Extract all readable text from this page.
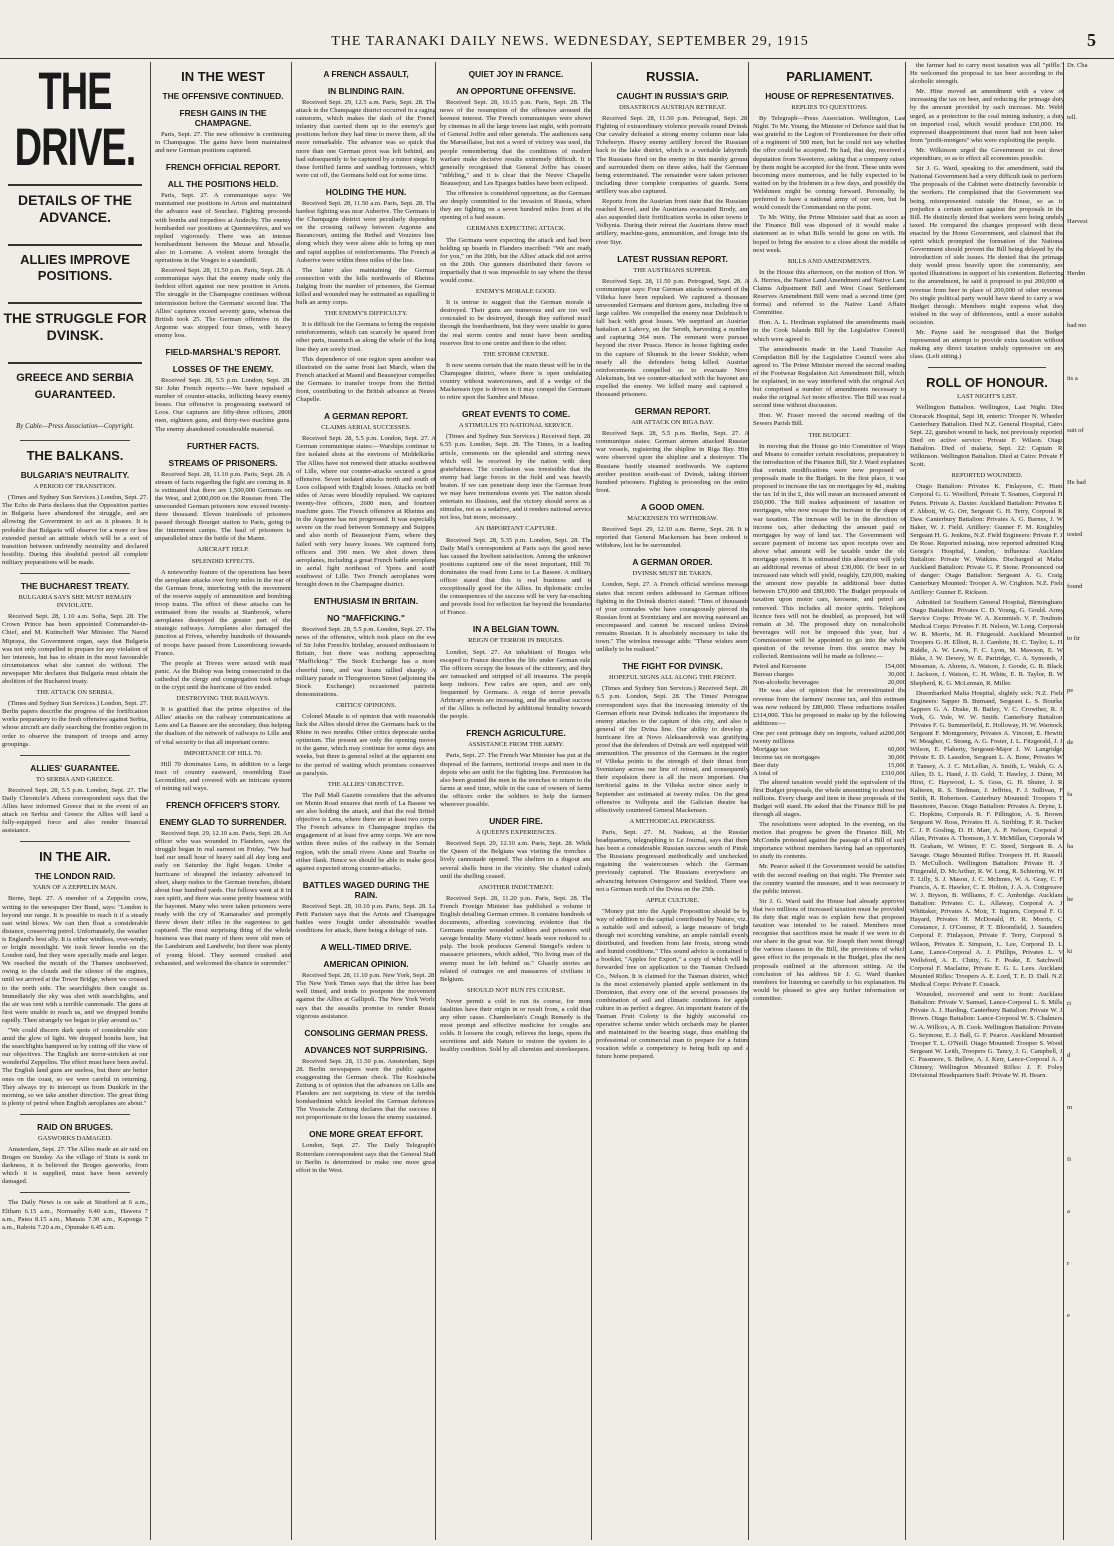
THE TARANAKI DAILY NEWS. WEDNESDAY, SEPTEMBER 29, 1915	5
THE DRIVE.
DETAILS OF THE ADVANCE.
ALLIES IMPROVE POSITIONS.
THE STRUGGLE FOR DVINSK.
GREECE AND SERBIA GUARANTEED.
By Cable—Press Association—Copyright.
THE BALKANS.
BULGARIA'S NEUTRALITY.
A PERIOD OF TRANSITION.

(Times and Sydney Sun Services.) London, Sept. 27. The Echo de Paris declares that the Opposition parties in Bulgaria have abandoned the struggle, and are allowing the Government to act as it pleases. It is probable that Bulgaria will observe for a more or less extended period an attitude which will be a sort of transition between unfriendly neutrality and declared hostility. During this doubtful period all complete military preparations will be made.

THE BUCHAREST TREATY.
BULGARIA SAYS SHE MUST REMAIN INVIOLATE.

Received Sept. 28, 1.10 a.m. Sofia, Sept. 28. The Crown Prince has been appointed Commander-in-Chief, and M. Kutincheff War Minister. The Narod Mipraya, the Government organ, says that Bulgaria was not only compelled to prepare for any violation of her interests, but has to obtain in the most favourable circumstances what she cannot do without. The newspaper Mir declares that Bulgaria must obtain the abolition of the Bucharest treaty.

THE ATTACK ON SERBIA.

(Times and Sydney Sun Services.) London, Sept. 27. Berlin papers describe the progress of the fortification works preparatory to the fresh offensive against Serbia, whose aircraft are daily searching the frontier region in order to observe the transport of troops and army groupings.

ALLIES' GUARANTEE.
TO SERBIA AND GREECE.

Received Sept. 28, 5.5 p.m. London, Sept. 27. The Daily Chronicle's Athens correspondent says that the Allies have informed Greece that in the event of an attack on Serbia and Greece the Allies will land a fully-equipped force and also render financial assistance.

IN THE AIR.
THE LONDON RAID.
YARN OF A ZEPPELIN MAN.

Berne, Sept. 27. A member of a Zeppelin crew, writing to the newspaper Der Bund, says: "London is beyond our range. It is possible to reach it if a steady east wind blows. We can then float a considerable distance, conserving petrol. Unfortunately, the weather is England's best ally. It is either windless, over-windy, or bright moonlight. We took fewer bombs on the London raid, but they were specially made and larger. We reached the mouth of the Thames unobserved, owing to the clouds and the silence of the engines, until we arrived at the Tower Bridge, where we crossed to the north side. The searchlights then caught us. Immediately the sky was shot with searchlights, and the air was rent with a terrible cannonade. The guns at first were unable to reach us, and we dropped bombs rapidly. Then strangely we began to play around us."

"We could discern dark spots of considerable size amid the glow of light. We dropped bombs here, but the searchlights hampered us by cutting off the view of our objectives. The English are terror-stricken at our wonderful Zeppelins. The effect must have been awful. The English land guns are useless, but there are better ones on the coast, so we were careful in returning. They always try to intercept us from Dunkirk in the morning, so we take another direction. The great thing is plenty of petrol when English aeroplanes are about."

RAID ON BRUGES.
GASWORKS DAMAGED.

Amsterdam, Sept. 27. The Allies made an air raid on Bruges on Sunday. As the village of Stuis is sunk in darkness, it is believed the Bruges gasworks, from which it is supplied, must have been severely damaged.

The Daily News is on sale at Stratford at 6 a.m., Eltham 6.15 a.m., Normanby 6.40 a.m., Hawera 7 a.m., Patea 8.15 a.m., Manaia 7.30 a.m., Kaponga 7 a.m., Rahotu 7.20 a.m., Opunake 6.45 a.m.

IN THE WEST
THE OFFENSIVE CONTINUED.
FRESH GAINS IN THE CHAMPAGNE.

Paris, Sept. 27. The new offensive is continuing in Champagne. The gains have been maintained and new German positions captured.

FRENCH OFFICIAL REPORT.
ALL THE POSITIONS HELD.

Paris, Sept. 27. A communique says: We maintained our positions in Artois and maintained the advance east of Souchez. Fighting proceeds with bombs and torpedoes at Andechy. The enemy bombarded our positions at Quennevières, and we replied vigorously. There was an intense bombardment between the Meuse and Moselle, also in Lorraine. A violent storm brought the operations in the Vosges to a standstill.

Received Sept. 28, 11.50 p.m. Paris, Sept. 28. A communique says that the enemy made only the feeblest effort against our new position in Artois. The struggle in the Champagne continues without intermission before the Germans' second line. The Allies' captures exceed seventy guns, whereas the British took 25. The German offensive in the Argonne was stopped four times, with heavy enemy loss.

FIELD-MARSHAL'S REPORT.
LOSSES OF THE ENEMY.

Received Sept. 28, 5.5 p.m. London, Sept. 28. Sir John French reports:—We have repulsed a number of counter-attacks, inflicting heavy enemy losses. Our offensive is progressing eastward of Loos. Our captures are fifty-three officers, 2800 men, eighteen guns, and thirty-two machine guns. The enemy abandoned considerable material.

FURTHER FACTS.
STREAMS OF PRISONERS.

Received Sept. 28, 11.10 p.m. Paris, Sept. 28. A stream of facts regarding the fight are coming in. It is estimated that there are 1,500,000 Germans on the West, and 2,000,000 on the Russian front. The unwounded German prisoners now exceed twenty-three thousand. Eleven trainloads of prisoners passed through Bourget station to Paris, going to the internment camps. The haul of prisoners is unparalleled since the battle of the Marne.

AIRCRAFT HELP.
SPLENDID EFFECTS.

A noteworthy feature of the operations has been the aeroplane attacks over forty miles in the rear of the German front, interfering with the movement of the reserve supply of ammunition and bombing troop trains. The effect of these attacks can be estimated from the results at Stanbrook, where aeroplanes destroyed the greater part of the strategic railways. Aeroplanes also damaged the junction at Frives, whereby hundreds of thousands of troops have passed from Luxembourg towards France.

The people at Treves were seized with mad panic. As the Bishop was being consecrated in the cathedral the clergy and congregation took refuge in the crypt until the hurricane of fire ended.

DESTROYING THE RAILWAYS.

It is gratified that the prime objective of the Allies' attacks on the railway communications at Lens and La Bassee are the secondary, thus helping the dualism of the network of railways to Lille and of vital security to that all important centre.

IMPORTANCE OF HILL 70.

Hill 70 dominates Lens, in addition to a large tract of country eastward, resembling Essé Leconnliire, and covered with an intricate system of mining rail ways.

FRENCH OFFICER'S STORY.
ENEMY GLAD TO SURRENDER.

Received Sept. 29, 12.10 a.m. Paris, Sept. 28. An officer who was wounded in Flanders, says the struggle began in real earnest on Friday. "We had had our small hour of heavy said all day long and early on Saturday the fight began. Under a hurricane of shrapnel the infantry advanced in short, sharp rushes to the German trenches, distant about four hundred yards. Our fellows went at it in rare spirit, and there was some pretty business with the bayonet. Many who were taken prisoners were ready with the cry of 'Kamarades' and promptly threw down their rifles in the eagerness to get captured. The most surprising thing of the whole business was that many of them were old men of the Landstrum and Landwehr, but there was plenty of young blood. They seemed crushed and exhausted, and welcomed the chance to surrender."

A FRENCH ASSAULT,
IN BLINDING RAIN.

Received Sept. 29, 12.5 a.m. Paris, Sept. 28. The attack in the Champagne district occurred in a raging rainstorm, which makes the dash of the French infantry that carried them up to the enemy's gun positions before they had time to move them, all the more remarkable. The advance was so quick that more than one German pivot was left behind, and had subsequently to be captured by a minor siege. In these fortified farms and sandbag fortresses, which were cut off, the Germans held out for some time.

HOLDING THE HUN.

Received Sept. 28, 11.50 a.m. Paris, Sept. 28. The hardest fighting was near Auberive. The Germans in the Champagne district were peculiarly dependent on the crossing railway between Argonne and Bazancourt, uniting the Rethel and Vouziers line, along which they were alone able to bring up men and rapid supplies of reinforcements. The French at Auberive were within three miles of the line.

The latter also maintaining the German connection with the hills northwards of Rheims. Judging from the number of prisoners, the German killed and wounded may be estimated as equalling in bulk an army corps.

THE ENEMY'S DIFFICULTY.

It is difficult for the Germans to bring the requisite reinforcements, which can scarcely be spared from other parts, inasmuch as along the whole of the long line they are sorely tried.

This dependence of one region upon another was illustrated on the same front last March, when the French attacked at Masnil and Beausejour compelled the Germans to transfer troops from the British front, contributing to the British advance at Neuve Chapelle.

A GERMAN REPORT.
CLAIMS AERIAL SUCCESSES.

Received Sept. 28, 5.5 p.m. London, Sept. 27. A German communique states:—Warships continue to fire isolated shots at the environs of Middelkirke. The Allies have not renewed their attacks southwest of Lille, where our counter-attacks secured a great offensive. Seven isolated attacks north and south of Loos collapsed with English losses. Attacks on both sides of Arras were bloodily repulsed. We captured twenty-five officers, 2600 men, and fourteen machine guns. The French offensive at Rheims and in the Argonne has not progressed. It was especially severe on the road between Sommepy and Suippes, and also north of Beausejour Farm, where they failed with very heavy losses. We captured forty officers and 390 men. We shot down three aeroplanes, including a great French battle aeroplane in aerial fight northeast of Ypres and south southwest of Lille. Two French aeroplanes were brought down in the Champagne district.

ENTHUSIASM IN BRITAIN.
NO "MAFFICKING."

Received Sept. 28, 5.5 p.m. London, Sept. 27. The news of the offensive, which took place on the eve of Sir John French's birthday, aroused enthusiasm in Britain, but there was nothing approaching "Mafficking." The Stock Exchange has a more cheerful tone, and war loans rallied sharply. A military parade in Throgmorton Street (adjoining the Stock Exchange) occasioned patriotic demonstrations.

CRITICS' OPINIONS.

Colonel Maude is of opinion that with reasonable luck the Allies should drive the Germans back to the Rhine in two months. Other critics deprecate undue optimism. The present are only the opening moves in the game, which may continue for some days and weeks, but there is general relief at the apparent end to the period of waiting which promises conserved as paralysis.

THE ALLIES' OBJECTIVE.

The Pall Mall Gazette considers that the advance on Menin Road ensures that north of La Bassee we are also holding the attack, and that the real British objective is Lens, where there are at least two corps. The French advance in Champagne implies the engagement of at least five army corps. We are now within three miles of the railway in the Somain region, with the small rivers Aisne and Tourbe on either flank. Hence we should be able to make good against expected strong counter-attacks.

BATTLES WAGED DURING THE RAIN.

Received Sept. 28, 10.10 p.m. Paris, Sept. 28. Le Petit Parisien says that the Artois and Champagne battles were fought under abominable weather conditions for attack, there being a deluge of rain.

A WELL-TIMED DRIVE.
AMERICAN OPINION.

Received Sept. 28, 11.10 p.m. New York, Sept. 28. The New York Times says that the drive has been well timed, and tends to postpone the movement against the Allies at Gallipoli. The New York World says that the assaults promise to render Russia vigorous assistance.

CONSOLING GERMAN PRESS.
ADVANCES NOT SURPRISING.

Received Sept. 28, 11.50 p.m. Amsterdam, Sept. 28. Berlin newspapers warn the public against exaggerating the German check. The Koelnische Zeitung is of opinion that the advances on Lille and Flanders are not surprising in view of the terrible bombardment which leveled the German defences. The Vossische Zeitung declares that the success is not proportionate to the losses the enemy sustained.

ONE MORE GREAT EFFORT.

London, Sept. 27. The Daily Telegraph's Rotterdam correspondent says that the General Staff in Berlin is determined to make one more great effort in the West.

QUIET JOY IN FRANCE.
AN OPPORTUNE OFFENSIVE.

Received Sept. 28, 10.15 p.m. Paris, Sept. 28. The news of the resumption of the offensive aroused the keenest interest. The French communiques were shown by cinemas in all the large towns last night, with portraits of General Joffre and other generals. The audiences sang the Marseillaise, but not a word of victory was used, the people remembering that the conditions of modern warfare make decisive results extremely difficult. It is generally recognised that General Joffre has ceased "nibbling," and it is clear that the Neuve Chapelle, Beausejour, and Les Eparges battles have been eclipsed.

The offensive is considered opportune, as the Germans are deeply committed to the invasion of Russia, where they are fighting on a seven hundred miles front at the opening of a bad season.

GERMANS EXPECTING ATTACK.

The Germans were expecting the attack and had been holding up boards in Flanders inscribed: "We are ready for you," on the 20th, but the Allies' attack did not arrive on the 20th. Our gunners distributed their favors so impartially that it was impossible to say where the thrust would come.

ENEMY'S MORALE GOOD.

It is untrue to suggest that the German morale is destroyed. Their guns are numerous and are too well concealed to be destroyed, though they suffered much through the bombardment, but they were unable to guess the real storm centre and must have been sending reserves first to one centre and then to the other.

THE STORM CENTRE.

It now seems certain that the main thrust will be in the Champagne district, where there is open undulating country without watercourses, and if a wedge of the Mackensen type is driven in it may compel the Germans to retire upon the Sambre and Meuse.

GREAT EVENTS TO COME.
A STIMULUS TO NATIONAL SERVICE.

(Times and Sydney Sun Services.) Received Sept. 28, 6.55 p.m. London, Sept. 28. The Times, in a leading article, comments on the splendid and stirring news, which will be received by the nation with deep gratefulness. The conclusion was irresistible that the enemy had large forces in the field and was heavily beaten. If we can penetrate deep into the German front we may have tremendous events yet. The nation should entertain no illusions, and the victory should serve as a stimulus, not as a sedative, and it renders national service not less, but more, necessary.

AN IMPORTANT CAPTURE.

Received Sept. 28, 5.35 p.m. London, Sept. 28. The Daily Mail's correspondent at Paris says the good news has caused the liveliest satisfaction. Among the unknown positions captured one of the most important, Hill 70, dominates the road from Lens to La Bassee. A military officer stated that this is real business and is exceptionally good for the Allies. In diplomatic circles the consequences of the success will be very far-reaching and provide food for reflection far beyond the boundaries of France.

IN A BELGIAN TOWN.
REIGN OF TERROR IN BRUGES.

London, Sept. 27. An inhabitant of Bruges who escaped to France describes the life under German rule. The officers occupy the houses of the citizenry, and they are ransacked and stripped of all treasures. The people keep indoors. Few cafes are open, and are only frequented by Germans. A reign of terror prevails. Arbitrary arrests are increasing, and the smallest success of the Allies is reflected by additional brutality towards the people.

FRENCH AGRICULTURE.
ASSISTANCE FROM THE ARMY.

Paris, Sept. 27. The French War Minister has put at the disposal of the farmers, territorial troops and men in the depots who are unfit for the fighting line. Permission has also been granted the men in the trenches to return to the farms at seed time, while in the case of owners of farms the officers order the soldiers to help the farmers wherever possible.

UNDER FIRE.
A QUEEN'S EXPERIENCES.

Received Sept. 29, 12.10 a.m. Paris, Sept. 28. While the Queen of the Belgians was visiting the trenches a lively cannonade opened. The shelters in a dugout and several shells burst in the vicinity. She chatted calmly until the shelling ceased.

ANOTHER INDICTMENT.

Received Sept. 28, 11.20 p.m. Paris, Sept. 28. The French Foreign Minister has published a volume in English detailing German crimes. It contains hundreds of documents, affording convincing evidence that the Germans murder wounded soldiers and prisoners with savage brutality. Many victims' heads were reduced to a pulp. The book produces General Stengel's orders to massacre prisoners, which added, "No living man of the enemy must be left behind us." Ghastly stories are related of outrages on and massacres of civilians in Belgium.

SHOULD NOT RUN ITS COURSE.

Never permit a cold to run its course, for more fatalities have their origin in or result from, a cold than any other cause. Chamberlain's Cough Remedy is the most prompt and effective medicine for coughs and colds. It loosens the cough, relieves the lungs, opens the secretions and aids Nature to restore the system to a healthy condition. Sold by all chemists and storekeepers.

RUSSIA.
CAUGHT IN RUSSIA'S GRIP.
DISASTROUS AUSTRIAN RETREAT.

Received Sept. 28, 11.50 p.m. Petrograd, Sept. 28. Fighting of extraordinary violence prevails round Dvinsk. Our cavalry defeated a strong enemy column near lake Tcheboryn. Heavy enemy artillery forced the Russians back to the lake district, which is a veritable labyrinth. The Russians fired on the enemy in this marshy ground and surrounded them on three sides, half the Germans being exterminated. The remainder were taken prisoner, including three complete companies of guards. Some artillery was also captured.

Reports from the Austrian front state that the Russians reached Kovel, and the Austrians evacuated Brody, and also suspended their fortification works in other towns in Volhynia. During their retreat the Austrians threw much artillery, machine-guns, ammunition, and forage into the river Styr.

LATEST RUSSIAN REPORT.
THE AUSTRIANS SUPPER.

Received Sept. 28, 11.50 p.m. Petrograd, Sept. 28. A communique says: Four German attacks westward of the Vilieka have been repulsed. We captured a thousand unwounded Germans and thirteen guns, including five of large calibre. We compelled the enemy near Dolzhtsch to fall back with great losses. We surprised an Austrian battalion at Lahovy, on the Sereth, harvesting a number and capturing 364 men. The remnant were pursued beyond the river Prusca. Hence in house fighting ended in the capture of Shumsk in the lower Stokhir, where nearly all the defenders being killed. Austrian reinforcements compelled us to evacuate Novo Aleksinats, but we counter-attacked with the bayonet and expelled the enemy. We killed many and captured a thousand prisoners.

GERMAN REPORT.
AIR ATTACK ON RIGA BAY.

Received Sept. 28, 5.5 p.m. Berlin, Sept. 27. A communique states: German airmen attacked Russian war vessels, registering the shipline in Riga Bay. Hits were observed upon the shipline and a destroyer. The Russians hastily steamed northwards. We captured another position south-east of Dvinsk, taking thirteen hundred prisoners. Fighting is proceeding on the entire front.

A GOOD OMEN.
MACKENSEN TO WITHDRAW.

Received Sept. 29, 12.10 a.m. Berne, Sept. 28. It is reported that General Mackensen has been ordered to withdraw, lest he be surrounded.

A GERMAN ORDER.
DVINSK MUST BE TAKEN.

London, Sept. 27. A French official wireless message states that recent orders addressed to German officers fighting in the Dvinsk district stated: "Tens of thousands of your comrades who have courageously pierced the Russian front at Sventziany and are moving eastward are encompassed and cannot be rescued unless Dvinsk remains Russian. It is absolutely necessary to take the town." The wireless message adds: "These wishes seem unlikely to be realised."

THE FIGHT FOR DVINSK.
HOPEFUL SIGNS ALL ALONG THE FRONT.

(Times and Sydney Sun Services.) Received Sept. 28, 6.5 p.m. London, Sept. 28. The Times' Petrograd correspondent says that the increasing intensity of the German efforts near Dvinsk indicates the importance the enemy attaches to the capture of this city, and also to general of the Dvina line. Our ability to develop a hurricane fire at Novo Aleksandrovsk was gratifying proof that the defenders of Dvinsk are well equipped with ammunition. The presence of the Germans in the region of Vilieka points to the strength of their thrust from Sventziany across our line of retreat, and consequently their expulsion there is all the more important. Our territorial gains in the Vilieka sector since early in September are estimated at twenty miles. On the great offensive in Volhynia and the Galician theatre has effectively countered General Mackensen.

A METHODICAL PROGRESS.

Paris, Sept. 27. M. Nadeau, at the Russian headquarters, telegraphing to Le Journal, says that there has been a considerable Russian success south of Pinsk. The Russians progressed methodically and unchecked, regaining the watercourses which the Germans previously captured. The Russians everywhere are advancing between Ostrogorov and Stokhod. There was not a German north of the Dvina on the 25th.

APPLE CULTURE.

"Money put into the Apple Proposition should be by way of addition to the capital contributed by Nature, viz., a suitable soil and subsoil, a large measure of bright though not scorching sunshine, an ample rainfall evenly distributed, and freedom from late frosts, strong winds and humid conditions." This sound advice is contained in a booklet, "Apples for Export," a copy of which will be forwarded free on application to the Tasman Orchards Co., Nelson. It is claimed for the Tasman district, which is the most extensively planted apple settlement in the Dominion, that every one of the several possesses the combination of soil and climatic conditions for apple culture in as perfect a degree. An important feature of the Tasman Fruit Colony is the highly successful co-operative scheme under which orchards may be planted and maintained to the bearing stage, thus enabling the professional or commercial man to prepare for a future vocation while a competency is being built up and a future home prepared.

PARLIAMENT.
HOUSE OF REPRESENTATIVES.
REPLIES TO QUESTIONS.

By Telegraph—Press Association. Wellington, Last Night. To Mr. Young, the Minister of Defence said that he was grateful to the Legion of Frontiersmen for their offer of a regiment of 500 men, but he could not say whether the offer could be accepted. He had, that day, received a deputation from Sweeterre, asking that a company raised by them might be accepted for the front. These units were becoming more numerous, and he fully expected to be waited on by the Irishmen in a few days, and possibly the Welshmen might be coming forward. Personally, he preferred to have a national army of our own, but he would consult the Commandant on the point.

To Mr. Witty, the Prime Minister said that as soon as the Finance Bill was disposed of it would make a statement as to what Bills would be gone on with. He hoped to bring the session to a close about the middle of next week.

BILLS AND AMENDMENTS.

In the House this afternoon, on the motion of Hon. W. A. Herries, the Native Land Amendment and Native Land Claims Adjustment Bill and West Coast Settlement Reserves Amendment Bill were read a second time (pro forma) and referred to the Native Land Affairs Committee.

Hon. A. L. Herdman explained the amendments made in the Cook Islands Bill by the Legislative Council, which were agreed to.

The amendments made in the Land Transfer Act Compilation Bill by the Legislative Council were also agreed to. The Prime Minister moved the second reading of the Footwear Regulation Act Amendment Bill, which, he explained, in no way interfered with the original Act, but comprised a number of amendments necessary to make the original Act more effective. The Bill was read a second time without discussion.

Hon. W. Fraser moved the second reading of the Sewers Parish Bill.

THE BUDGET.

In moving that the House go into Committee of Ways and Means to consider certain resolutions, preparatory to the introduction of the Finance Bill, Sir J. Ward explained that certain modifications were now proposed on proposals made in the Budget. In the first place, it was proposed to increase the tax on mortgages by 4d., making the tax 1d in the £, this will mean an increased amount of £60,000. The Bill makes adjustment of taxation on mortgages, who now escape the increase in the shape of war taxation. The increase will be in the direction of income tax, after deducting the amount paid on mortgages by way of land tax. The Government will secure payment of income tax upon receipts over and above what amount will be taxable under the old mortgage system. It is estimated this alteration will yield an additional revenue of about £30,000. Or beer in an increased rate which will yield, roughly, £20,000, making the amount now payable in additional beer duties between £70,000 and £80,000. The Budget proposals of taxation upon motor cars, kerosene, and petrol are removed. This includes all motor spirits. Telephone licence fees will not be doubled, as proposed, but will remain at 3d. The proposed duty on nonalcoholic beverages will not be imposed this year, but a Commissioner will be appointed to go into the whole question of the revenue from this source may be collected. Remissions will be made as follows:—

Petrol and Kerosene	154,000
Bureau charges	30,000
Non-alcoholic beverages	20,000

He was also of opinion that he overestimated the revenue from the farmers' income tax, and this estimate was now reduced by £80,000. These reductions totalled £314,000. This he proposed to make up by the following additions:—

One per cent primage duty on imports, valued at twenty millions
200,000
Mortgage tax	60,000
Income tax on mortgages	30,000
Beer duty	15,000
A total of	£310,000

The altered taxation would yield the equivalent of the first Budget proposals, the whole amounting to about two millions. Every charge and item in these proposals of the Budget will stand. He asked that the Finance Bill be put through all stages.

The resolutions were adopted. In the evening, on the motion that progress be given the Finance Bill, Mr. McCombs protested against the passage of a Bill of such importance without members having had an opportunity to study its contents.

Mr. Pearce asked if the Government would be satisfied with the second reading on that night. The Premier said the country wanted the measure, and it was necessary in the public interest.

Sir J. G. Ward said the House had already approved that two millions of increased taxation must be provided. Its duty that night was to explain how that proposed taxation was intended to be raised. Members must recognise that sacrifices must be made if we were to do our share in the great war. Sir Joseph then went through the various clauses in the Bill, the provisions of which gave effect to the proposals in the Budget, plus the new proposals outlined at the afternoon sitting. At the conclusion of his address Sir J. G. Ward thanked members for listening so carefully to his explanation. He would be pleased to give any further information on committee.

the farmer had to carry most taxation was all "piffle." He welcomed the proposal to tax beer according to the alcoholic strength.

Mr. Hine moved an amendment with a view of increasing the tax on beer, and reducing the primage duty by the amount provided by such increase. Mr. Webb urged, as a protection to the coal mining industry, a duty on imported coal, which would produce £50,000. He expressed disappointment that more had not been taken from "profit-mongers" who were exploiting the people.

Mr. Wilkinson urged the Government to cut down expenditure, so as to effect all economies possible.

Sir J. G. Ward, speaking to the amendment, said the National Government had a very difficult task to perform. The proposals of the Cabinet were distinctly favorable to the workers. He complained that the Government was being misrepresented outside the House, so as to prejudice a certain section against the proposals in the Bill. He distinctly denied that workers were being unduly taxed. He compared the changes proposed with those enacted by the Home Government, and claimed that the spirit which prompted the formation of the National Government should prevent the Bill being delayed by the introduction of side issues. He denied that the primage duty would press heavily upon the community, and quoted illustrations in support of his contention. Referring to the amendment, he said it proposed to put 200,000 of revenue from beer in place of 200,000 of other revenue. No single political party would have dared to carry a war Budget through. Members might express what they wished in the way of differences, until a more suitable occasion.

Mr. Payne said he recognised that the Budget represented an attempt to provide extra taxation without making any direct taxation unduly oppressive on any class. (Left sitting.)

ROLL OF HONOUR.
LAST NIGHT'S LIST.

Wellington Battalion. Wellington, Last Night. Died Otoracek Hospital, Sept 18, enteric: Trooper N. Wheeler. Canterbury Battalion. Died N.Z. General Hospital, Cairo, Sept. 22, gunshot wound in back, not previously reported. Died on active service: Private F. Wilson. Otago Battalion. Died of malaria, Sept. 22: Captain R. Wilkinson. Wellington Battalion. Died at Cairo: Private F. Scott.

REPORTED WOUNDED.

Otago Battalion: Privates K. Finlayson, C. Hunt. Corporal G. G. Woolford, Private T. Soames, Corporal H. Peters. Private A. Daxter. Auckland Battalion: Privates E. F. Abbott, W. G. Orr, Sergeant G. H. Terry, Corporal R. Daw. Canterbury Battalion: Privates A. G. Barnes, J. W. Baker, W. J. Field. Artillery: Gunner F. M. Knightley, Sergeant H. G. Jenkins, N.Z. Field Engineers: Private F. J. De Rose. Reported missing, now reported admitted King George's Hospital, London, influenza: Auckland Battalion: Private W. Watkins. Discharged at Malta: Auckland Battalion: Private G. P. Stone. Pronounced out of danger: Otago Battalion: Sergeant A. G. Craig. Canterbury Mounted: Trooper A. W. Crighton. N.Z. Field Artillery: Gunner E. Rickson.

Admitted 1st Southern General Hospital, Birmingham: Otago Battalion: Privates C. D. Young, G. Gould. Army Service Corps: Private W. A. Kemmish. V. F. Toulmin. Medical Corps: Privates F. H. Nelson, W. Long. Corporals W. R. Morris, M. R. Fitzgerald. Auckland Mounted: Troopers G. H. Elliott, R. J. Cambrie, H. C. Taylor, L. H. Riddle, A. W. Lewis, F. C. Lyon, M. Mawson, E. W. Blake, J. W. Dewey, W. E. Partridge, C. A. Symonds, J. Mossman, A. Ahrens, A. Watson, J. Goode, G. R. Black, J. Jackson, J. Watson, C. H. White, E. R. Taylor, B. W. Shepherd, K. G. McLennan, R. Miller.

Disembarked Malta Hospital, slightly sick: N.Z. Field Engineers: Sapper B. Burnand, Sergeant L. S. Bourke, Sappers G. A. Drake, B. Bailey, V. C. Crowther, R. J. York, G. Yule, W. W. Smith. Canterbury Battalion: Privates F. G. Summerfield, E. Holloway, H. W. Warnock, Sergeant F. Montgomery, Privates A. Vincent, E. Hewitt, W. Meagher, C. Strang, A. G. Foster, J. L. Fitzgerald, J. J. Wilson, E. Flaherty, Sergeant-Major J. W. Langridge, Private E. D. Lassdon, Sergeant L. A. Bone, Privates W. P. Tansey, A. J. C. McLellan, A. Smith, L. Walsh, G. A. Allen, D. L. Hand, J. D. Gold, T. Hawley, J. Dunn, M. Hirst, C. Haywood, L. S. Goss, G. H. Shuter, J. R. Kalteren, R. S. Stedman, J. Jeffries, F. J. Sullivan, F. Smith, R. Robertson. Canterbury Mounted: Troopers T. Bassmore, Pascoe. Otago Battalion: Privates A. Dryne, L. C. Hopkins, Corporals R. F. Pillington, A. S. Brown, Sergeant W. Ross, Privates H. A. Stribling, F. R. Tucker, C. J. P. Gosling, D. H. Marr, A. P. Nelson, Corporal J. Allan, Privates A. Thomson, J. Y. McMillan, Corporals W. H. Graham, W. Winter, F. C. Steed, Sergeant R. A. Savage. Otago Mounted Rifles: Troopers H. H. Russell, D. McCulloch. Wellington Battalion: Private H. J. Fitzgerald, D. McArthur, R. W. Long, R. Schiering, W. H. T. Lilly, S. J. Mason, J. C. McInnes, W. A. Gray, C. F. Francis, A. E. Hawker, C. E. Holton, J. A. A. Cottgreave, W. J. Bryson, B. Williams, F. C. Ambridge. Auckland Battalion: Privates C. L. Allaway, Corporal A. J. Whittaker, Privates A. Moir, T. Ingram, Corporal F. G. Hayard, Privates H. McDonald, H. R. Morris, C. Constance, J. O'Connor, P. T. Bloomfield, J. Saunders, Corporal F. Finlayson, Private F. Terry, Corporal S. Wilson, Privates E. Simpson, L. Lee, Corporal D. L. Lane, Lance-Corporal A. J. Phillips, Privates L. V. Wellsford, A. E. Chitty, G. F. Peake, E. Satchwell, Corporal F. Maclaine, Private E. G. L. Lees. Auckland Mounted Rifles: Troopers A. E. Lord, T. E. D. Dall. N.Z. Medical Corps: Private F. Cusack.

Wounded, recovered and sent to front: Auckland Battalion: Private V. Samuel, Lance-Corporal L. S. Mills, Private A. J. Harding. Canterbury Battalion: Private W. J. Brown. Otago Battalion: Lance-Corporal W. S. Chalmers, W. A. Willcox, A. B. Cook. Wellington Battalion: Privates G. Seymour, E. J. Ball, G. F. Pearce. Auckland Mounted: Trooper T. L. O'Neill. Otago Mounted: Trooper S. Wood, Sergeant W. Leith, Troopers G. Tancy, J. G. Campbell, J. C. Passmore, S. Bellew, A. J. Kerr, Lance-Corporal A. J. Chinney, Wellington Mounted Rifles: J. F. Foley. Divisional Headquarters Staff: Private W. H. Hearn.

Dr. Cha
tell.

Harvest
Herdm
had mo
its a
suit of
He had
tested
found
to fir
pe
de
fa
ha
he
ki
ri
d
m
fi
a
r
e
